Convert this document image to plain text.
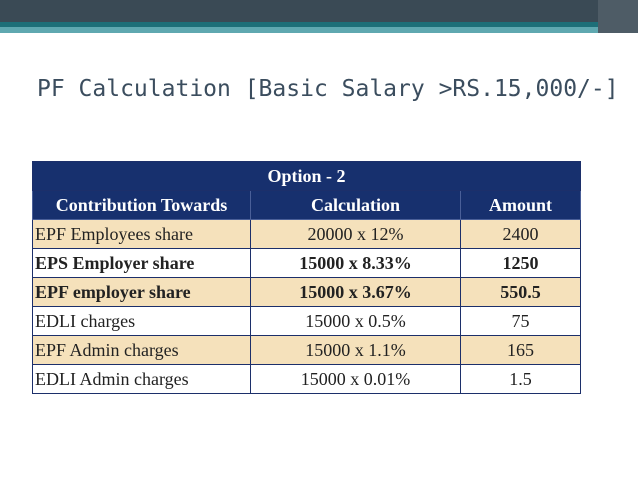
PF Calculation [Basic Salary >RS.15,000/-]
Option - 2		
Contribution Towards	Calculation	Amount
EPF Employees share	20000 x 12%	2400
EPS Employer share	15000 x 8.33%	1250
EPF employer share	15000 x 3.67%	550.5
EDLI charges	15000 x 0.5%	75
EPF Admin charges	15000 x 1.1%	165
EDLI Admin charges	15000 x 0.01%	1.5
